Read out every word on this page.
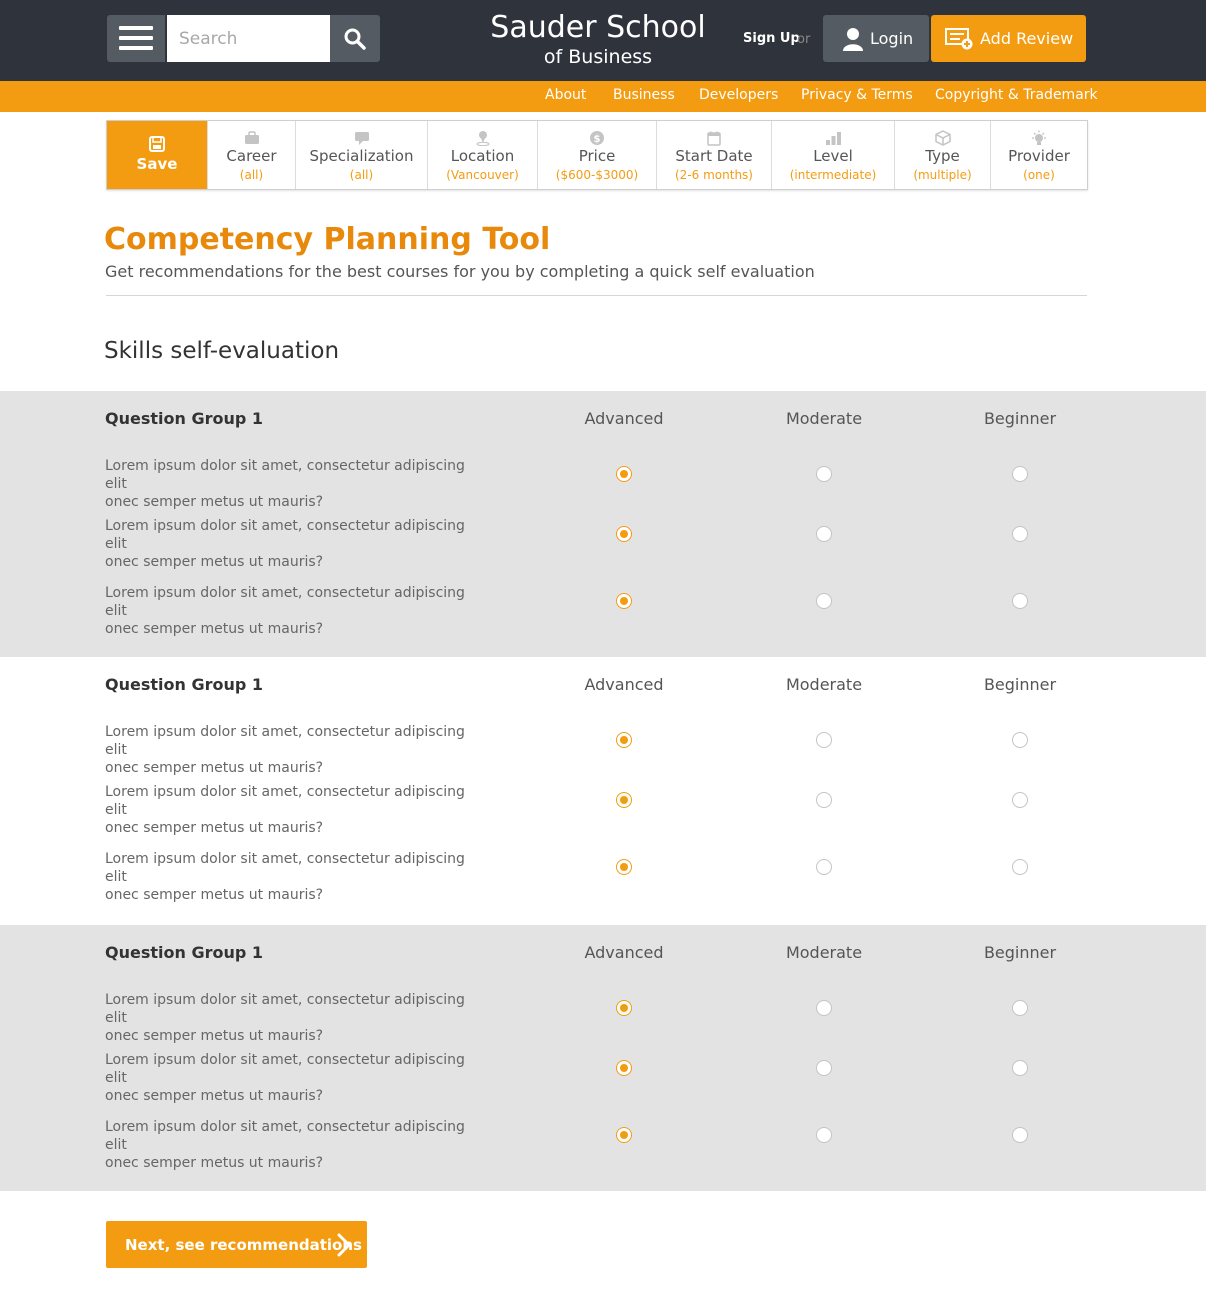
Search
Sauder School
of Business
Sign Up
or	Login	Add Review
About Business Developers Privacy & Terms Copyright & Trademark
Save	Career
(all)
Specialization
(all)
Location
(Vancouver)
$
Price
($600-$3000)
Start Date
(2-6 months)
Level
(intermediate)
Type
(multiple)
Provider
(one)
Competency Planning Tool
Get recommendations for the best courses for you by completing a quick self evaluation
Skills self-evaluation
Question Group 1	Advanced	Moderate	Beginner
Lorem ipsum dolor sit amet, consectetur adipiscing elit
onec semper metus ut mauris?
Lorem ipsum dolor sit amet, consectetur adipiscing elit
onec semper metus ut mauris?
Lorem ipsum dolor sit amet, consectetur adipiscing elit
onec semper metus ut mauris?
Question Group 1	Advanced	Moderate	Beginner
Lorem ipsum dolor sit amet, consectetur adipiscing elit
onec semper metus ut mauris?
Lorem ipsum dolor sit amet, consectetur adipiscing elit
onec semper metus ut mauris?
Lorem ipsum dolor sit amet, consectetur adipiscing elit
onec semper metus ut mauris?
Question Group 1	Advanced	Moderate	Beginner
Lorem ipsum dolor sit amet, consectetur adipiscing elit
onec semper metus ut mauris?
Lorem ipsum dolor sit amet, consectetur adipiscing elit
onec semper metus ut mauris?
Lorem ipsum dolor sit amet, consectetur adipiscing elit
onec semper metus ut mauris?
Next, see recommendations
